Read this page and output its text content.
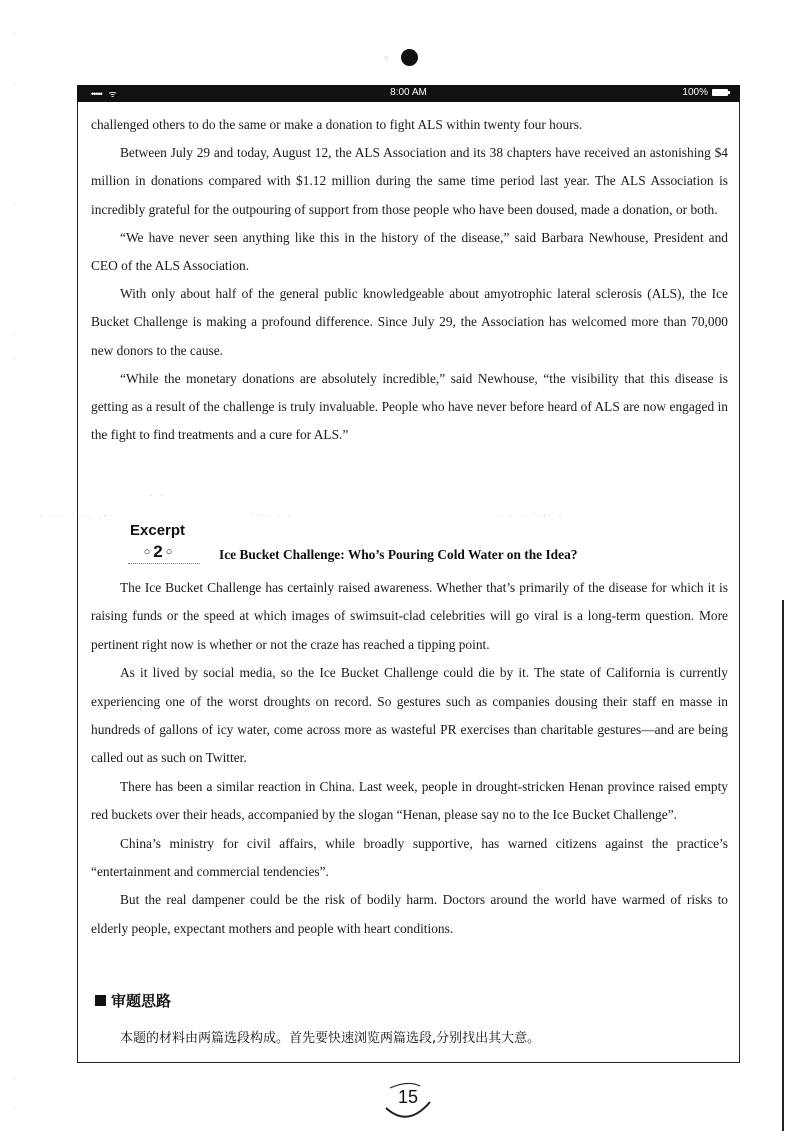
⁘
·
·
·
·
·
·
·
••••• ᯤ	8:00 AM	100%

challenged others to do the same or make a donation to fight ALS within twenty four hours.

Between July 29 and today, August 12, the ALS Association and its 38 chapters have received an astonishing $4 million in donations compared with $1.12 million during the same time period last year. The ALS Association is incredibly grateful for the outpouring of support from those people who have been doused, made a donation, or both.

“We have never seen anything like this in the history of the disease,” said Barbara Newhouse, President and CEO of the ALS Association.

With only about half of the general public knowledgeable about amyotrophic lateral sclerosis (ALS), the Ice Bucket Challenge is making a profound difference. Since July 29, the Association has welcomed more than 70,000 new donors to the cause.

“While the monetary donations are absolutely incredible,” said Newhouse, “the visibility that this disease is getting as a result of the challenge is truly invaluable. People who have never before heard of ALS are now engaged in the fight to find treatments and a cure for ALS.”

· · · ˙ ·. .-·	˙··· · ·	· · · ˙·-· ·
· ·
Excerpt
○ 2 ○	Ice Bucket Challenge: Who’s Pouring Cold Water on the Idea?

The Ice Bucket Challenge has certainly raised awareness. Whether that’s primarily of the disease for which it is raising funds or the speed at which images of swimsuit-clad celebrities will go viral is a long-term question. More pertinent right now is whether or not the craze has reached a tipping point.

As it lived by social media, so the Ice Bucket Challenge could die by it. The state of California is currently experiencing one of the worst droughts on record. So gestures such as companies dousing their staff en masse in hundreds of gallons of icy water, come across more as wasteful PR exercises than charitable gestures—and are being called out as such on Twitter.

There has been a similar reaction in China. Last week, people in drought-stricken Henan province raised empty red buckets over their heads, accompanied by the slogan “Henan, please say no to the Ice Bucket Challenge”.

China’s ministry for civil affairs, while broadly supportive, has warned citizens against the practice’s “entertainment and commercial tendencies”.

But the real dampener could be the risk of bodily harm. Doctors around the world have warmed of risks to elderly people, expectant mothers and people with heart conditions.

审题思路
本题的材料由两篇选段构成。首先要快速浏览两篇选段,分别找出其大意。
15
